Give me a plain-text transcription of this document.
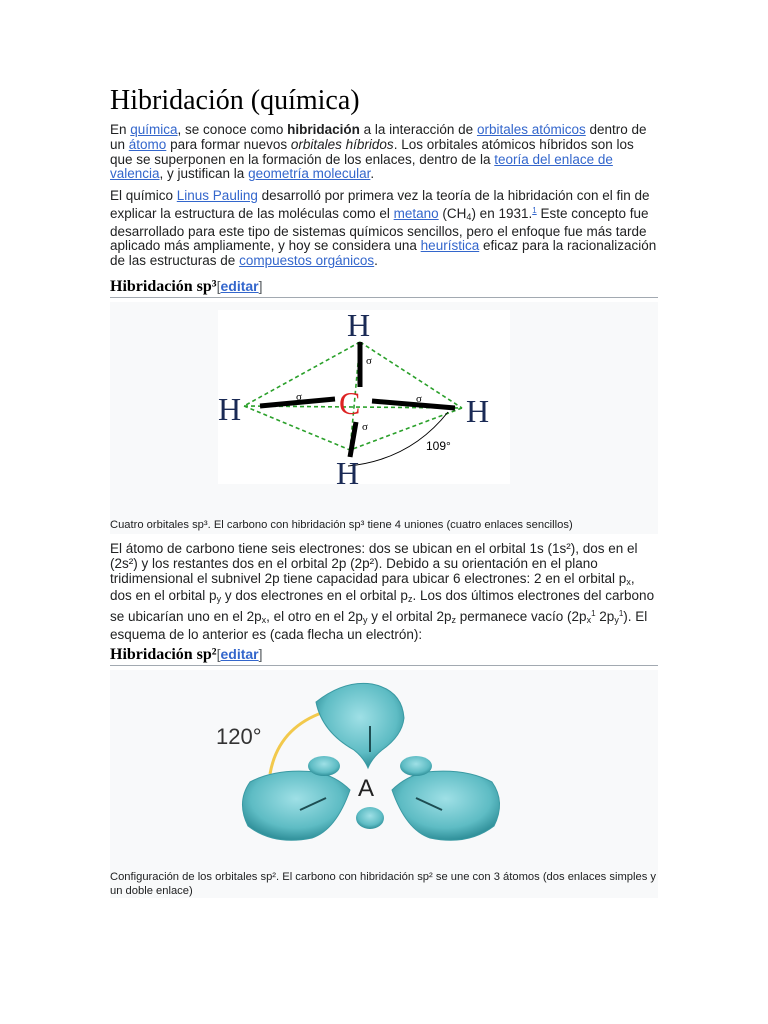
Hibridación (química)

En química, se conoce como hibridación a la interacción de orbitales atómicos dentro de un átomo para formar nuevos orbitales híbridos. Los orbitales atómicos híbridos son los que se superponen en la formación de los enlaces, dentro de la teoría del enlace de valencia, y justifican la geometría molecular.

El químico Linus Pauling desarrolló por primera vez la teoría de la hibridación con el fin de explicar la estructura de las moléculas como el metano $(CH_4)$ en 1931.$^1$ Este concepto fue desarrollado para este tipo de sistemas químicos sencillos, pero el enfoque fue más tarde aplicado más ampliamente, y hoy se considera una heurística eficaz para la racionalización de las estructuras de compuestos orgánicos.

Hibridación sp³[editar]
H
H	H
H
C
σ
σ	σ
σ
109°
Cuatro orbitales sp³. El carbono con hibridación sp³ tiene 4 uniones (cuatro enlaces sencillos)

El átomo de carbono tiene seis electrones: dos se ubican en el orbital 1s (1s²), dos en el (2s²) y los restantes dos en el orbital 2p (2p²). Debido a su orientación en el plano tridimensional el subnivel 2p tiene capacidad para ubicar 6 electrones: 2 en el orbital $p_x$, dos en el orbital $p_y$ y dos electrones en el orbital $p_z$. Los dos últimos electrones del carbono se ubicarían uno en el $2p_x$, el otro en el $2p_y$ y el orbital $2p_z$ permanece vacío ($2p_x^1$ $2p_y^1$). El esquema de lo anterior es (cada flecha un electrón):

Hibridación sp²[editar]
120°
A
Configuración de los orbitales sp². El carbono con hibridación sp² se une con 3 átomos (dos enlaces simples y un doble enlace)
